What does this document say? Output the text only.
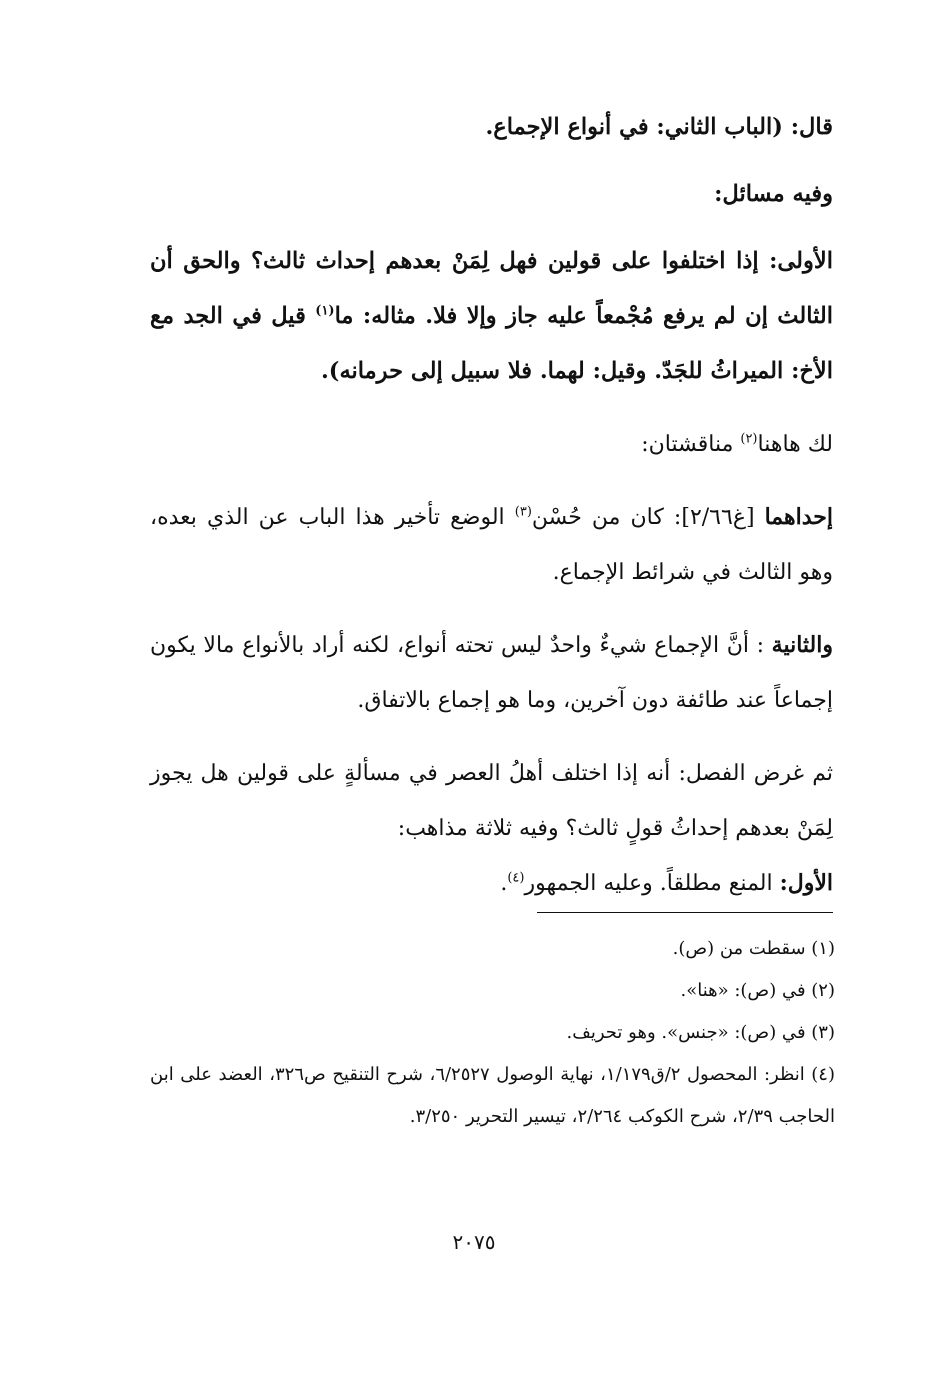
قال: (الباب الثاني: في أنواع الإجماع.

وفيه مسائل:

الأولى: إذا اختلفوا على قولين فهل لِمَنْ بعدهم إحداث ثالث؟ والحق أن الثالث إن لم يرفع مُجْمعاً عليه جاز وإلا فلا. مثاله: ما$^{(١)}$ قيل في الجد مع الأخ: الميراثُ للجَدّ. وقيل: لهما. فلا سبيل إلى حرمانه).

لك هاهنا$^{(٢)}$ مناقشتان:

إحداهما [غ٢/٦٦]: كان من حُسْن$^{(٣)}$ الوضع تأخير هذا الباب عن الذي بعده، وهو الثالث في شرائط الإجماع.

والثانية : أنَّ الإجماع شيءٌ واحدٌ ليس تحته أنواع، لكنه أراد بالأنواع مالا يكون إجماعاً عند طائفة دون آخرين، وما هو إجماع بالاتفاق.

ثم غرض الفصل: أنه إذا اختلف أهلُ العصر في مسألةٍ على قولين هل يجوز لِمَنْ بعدهم إحداثُ قولٍ ثالث؟ وفيه ثلاثة مذاهب:

الأول: المنع مطلقاً. وعليه الجمهور$^{(٤)}$.

(١) سقطت من (ص).

(٢) في (ص): «هنا».

(٣) في (ص): «جنس». وهو تحريف.

(٤) انظر: المحصول ٢/ق١/١٧٩، نهاية الوصول ٦/٢٥٢٧، شرح التنقيح ص٣٢٦، العضد على ابن الحاجب ٢/٣٩، شرح الكوكب ٢/٢٦٤، تيسير التحرير ٣/٢٥٠.

٢٠٧٥
